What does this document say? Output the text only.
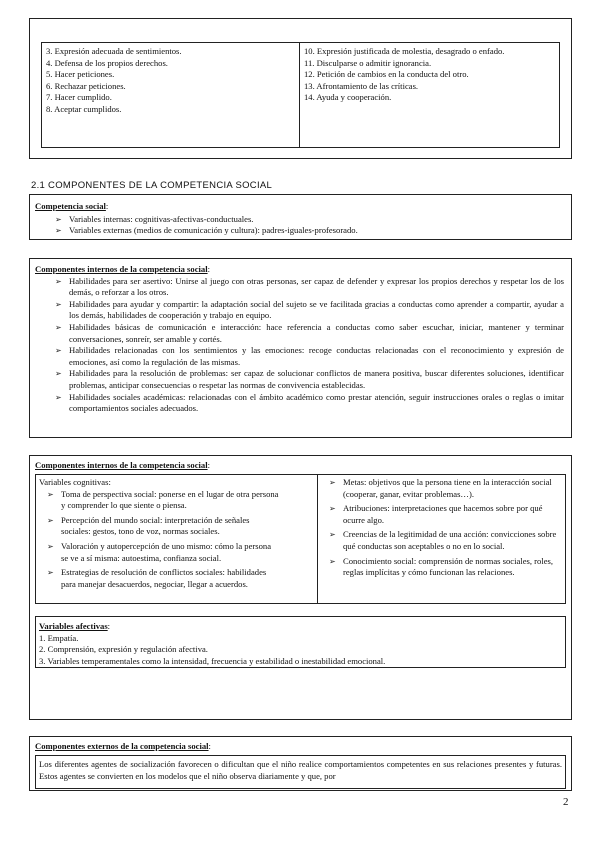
3. Expresión adecuada de sentimientos.
4. Defensa de los propios derechos.
5. Hacer peticiones.
6. Rechazar peticiones.
7. Hacer cumplido.
8. Aceptar cumplidos.
10. Expresión justificada de molestia, desagrado o enfado.
11. Disculparse o admitir ignorancia.
12. Petición de cambios en la conducta del otro.
13. Afrontamiento de las críticas.
14. Ayuda y cooperación.
2.1 COMPONENTES DE LA COMPETENCIA SOCIAL
Competencia social:
➢ Variables internas: cognitivas-afectivas-conductuales.
➢ Variables externas (medios de comunicación y cultura): padres-iguales-profesorado.
Componentes internos de la competencia social:
➢ Habilidades para ser asertivo: Unirse al juego con otras personas, ser capaz de defender y expresar los propios derechos y respetar los de los demás, o reforzar a los otros.
➢ Habilidades para ayudar y compartir: la adaptación social del sujeto se ve facilitada gracias a conductas como aprender a compartir, ayudar a los demás, habilidades de cooperación y trabajo en equipo.
➢ Habilidades básicas de comunicación e interacción: hace referencia a conductas como saber escuchar, iniciar, mantener y terminar conversaciones, sonreír, ser amable y cortés.
➢ Habilidades relacionadas con los sentimientos y las emociones: recoge conductas relacionadas con el reconocimiento y expresión de emociones, así como la regulación de las mismas.
➢ Habilidades para la resolución de problemas: ser capaz de solucionar conflictos de manera positiva, buscar diferentes soluciones, identificar problemas, anticipar consecuencias o respetar las normas de convivencia establecidas.
➢ Habilidades sociales académicas: relacionadas con el ámbito académico como prestar atención, seguir instrucciones orales o reglas o imitar comportamientos sociales adecuados.
Componentes internos de la competencia social:
Variables cognitivas:
➢ Toma de perspectiva social: ponerse en el lugar de otra persona y comprender lo que siente o piensa.
➢ Percepción del mundo social: interpretación de señales sociales: gestos, tono de voz, normas sociales.
➢ Valoración y autopercepción de uno mismo: cómo la persona se ve a sí misma: autoestima, confianza social.
➢ Estrategias de resolución de conflictos sociales: habilidades para manejar desacuerdos, negociar, llegar a acuerdos.
➢ Metas: objetivos que la persona tiene en la interacción social (cooperar, ganar, evitar problemas…).
➢ Atribuciones: interpretaciones que hacemos sobre por qué ocurre algo.
➢ Creencias de la legitimidad de una acción: convicciones sobre qué conductas son aceptables o no en lo social.
➢ Conocimiento social: comprensión de normas sociales, roles, reglas implícitas y cómo funcionan las relaciones.
Variables afectivas:
1. Empatía.
2. Comprensión, expresión y regulación afectiva.
3. Variables temperamentales como la intensidad, frecuencia y estabilidad o inestabilidad emocional.
Componentes externos de la competencia social:
Los diferentes agentes de socialización favorecen o dificultan que el niño realice comportamientos competentes en sus relaciones presentes y futuras. Estos agentes se convierten en los modelos que el niño observa diariamente y que, por
2
